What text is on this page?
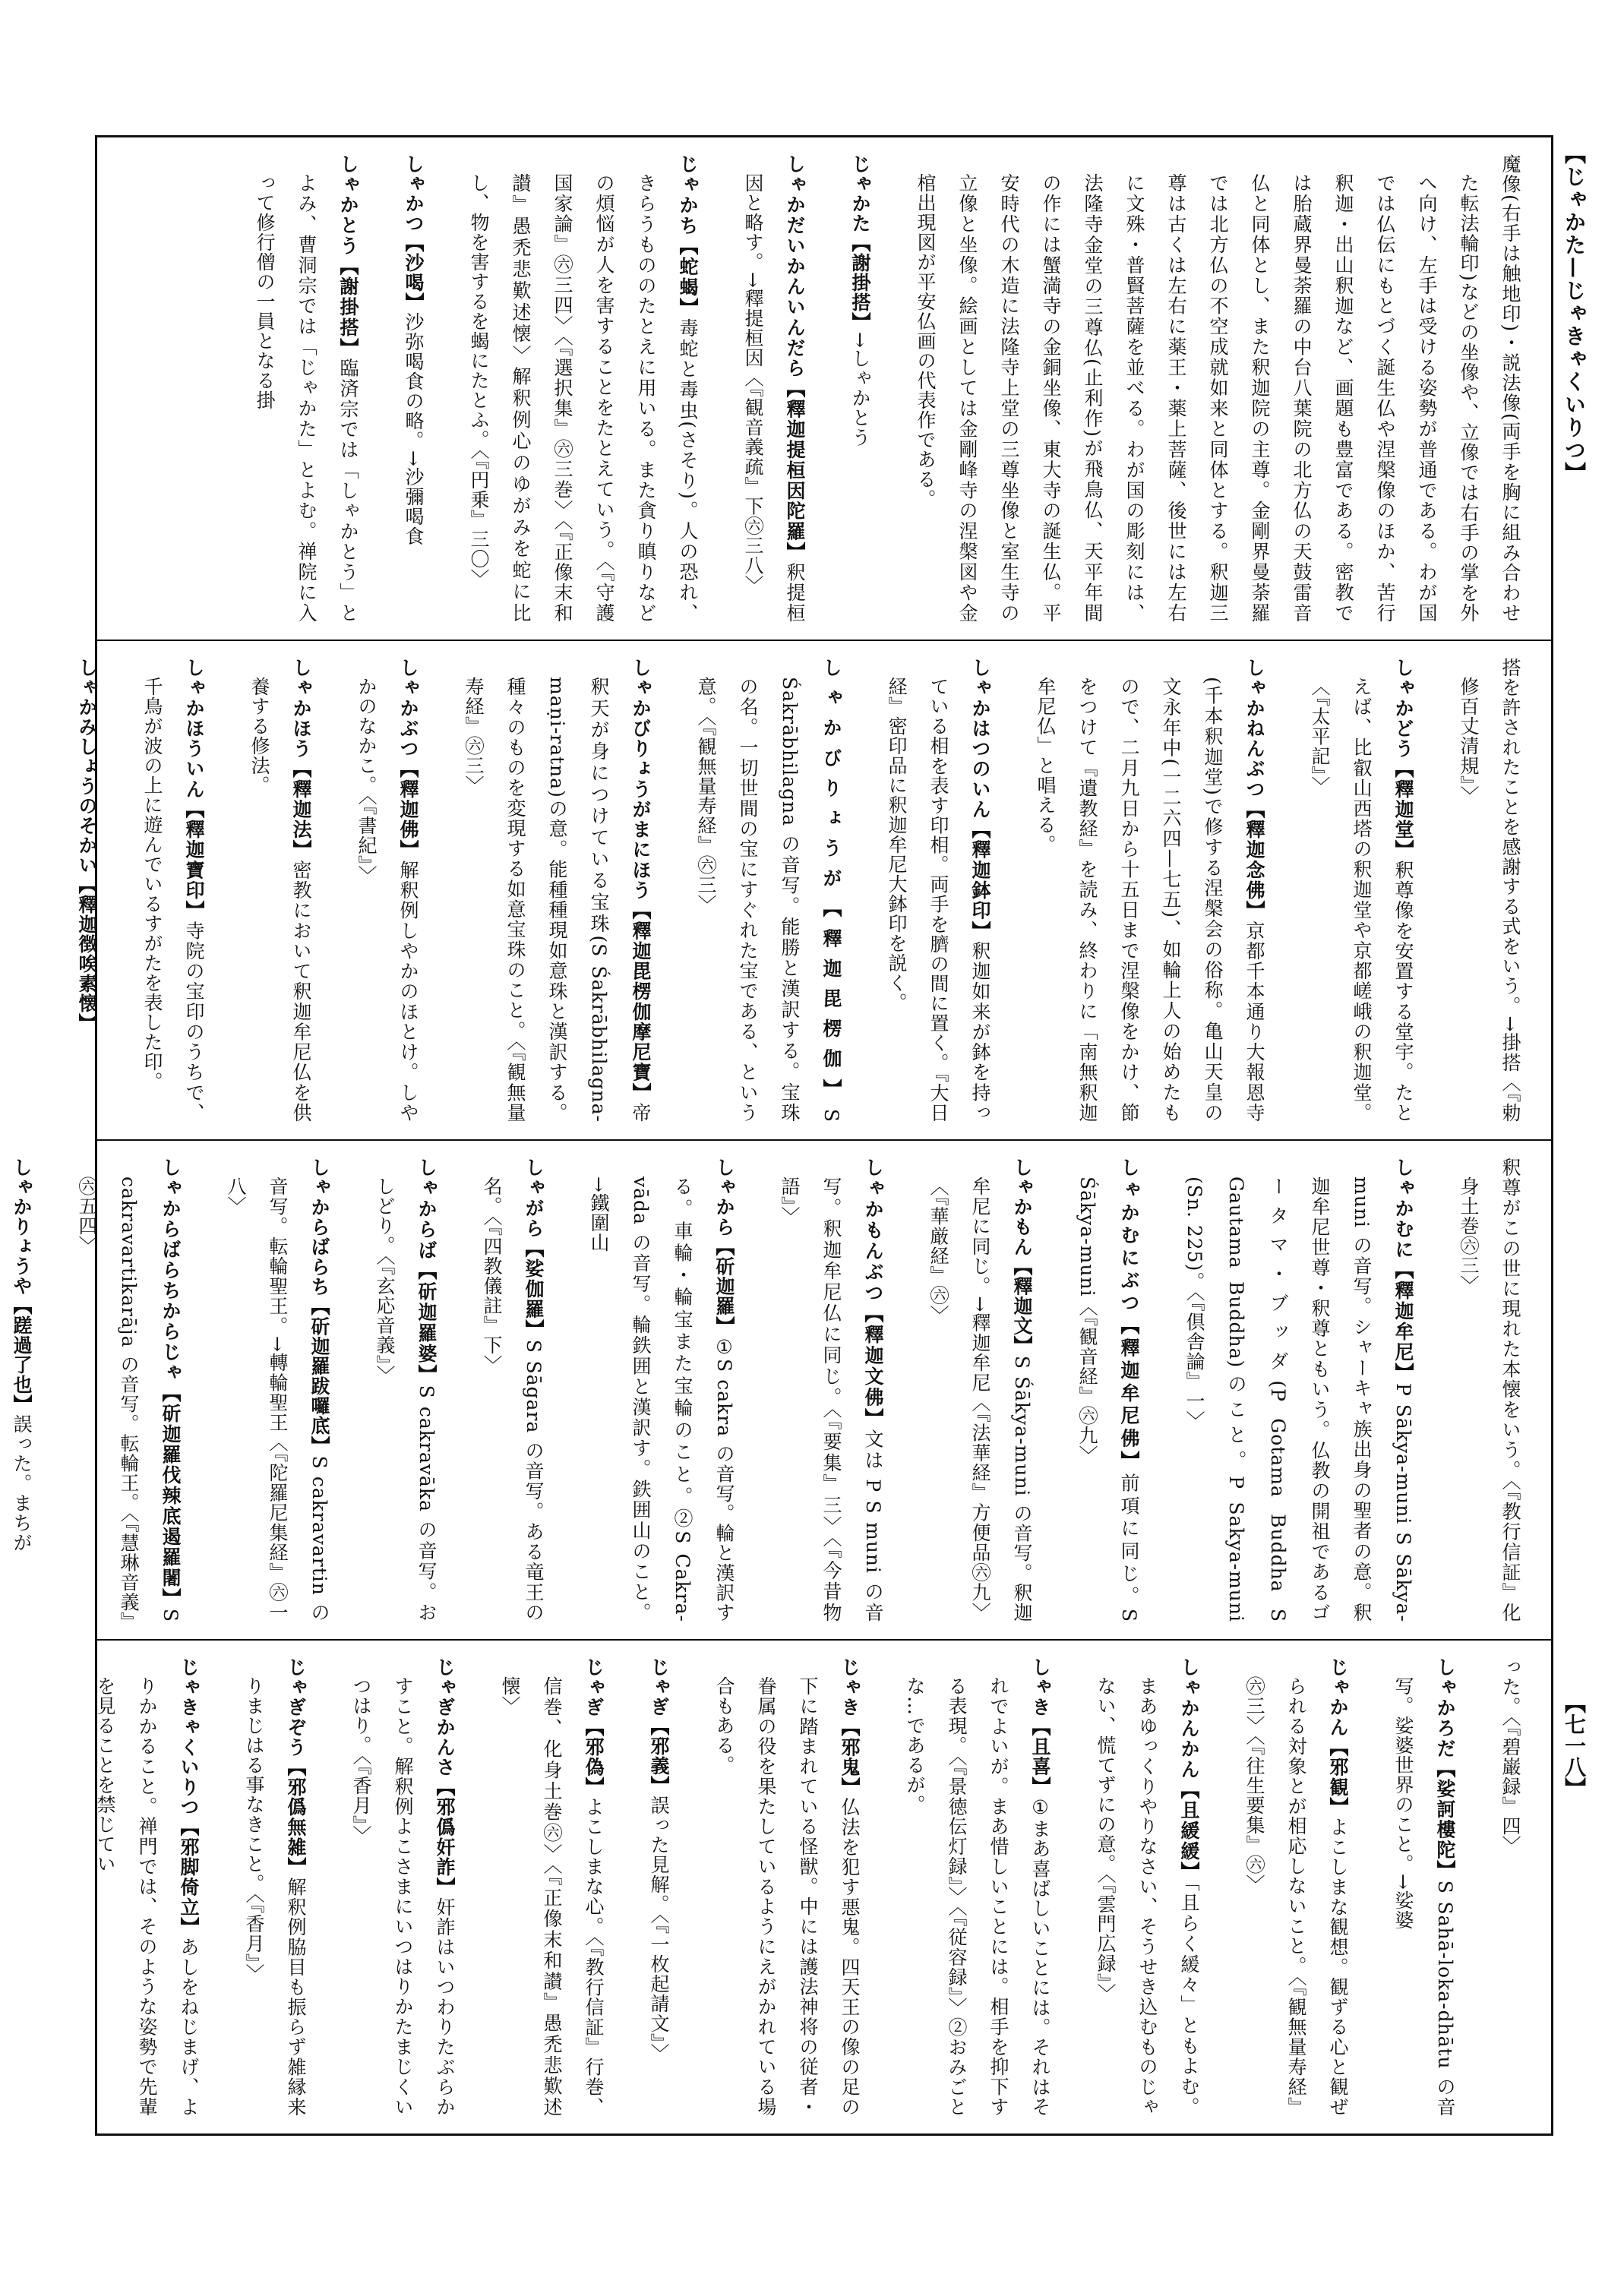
【じゃかた—じゃきゃくいりつ】
【七一八】

魔像(右手は触地印)・説法像(両手を胸に組み合わせた転法輪印)などの坐像や、立像では右手の掌を外へ向け、左手は受ける姿勢が普通である。わが国では仏伝にもとづく誕生仏や涅槃像のほか、苦行釈迦・出山釈迦など、画題も豊富である。密教では胎蔵界曼荼羅の中台八葉院の北方仏の天鼓雷音仏と同体とし、また釈迦院の主尊。金剛界曼荼羅では北方仏の不空成就如来と同体とする。釈迦三尊は古くは左右に薬王・薬上菩薩、後世には左右に文殊・普賢菩薩を並べる。わが国の彫刻には、法隆寺金堂の三尊仏(止利作)が飛鳥仏、天平年間の作には蟹満寺の金銅坐像、東大寺の誕生仏。平安時代の木造に法隆寺上堂の三尊坐像と室生寺の立像と坐像。絵画としては金剛峰寺の涅槃図や金棺出現図が平安仏画の代表作である。

じゃかた【謝掛搭】→しゃかとう

しゃかだいかんいんだら【釋迦提桓因陀羅】釈提桓因と略す。→釋提桓因〈『観音義疏』下㊅三八〉

じゃかち【蛇蝎】毒蛇と毒虫(さそり)。人の恐れ、きらうもののたとえに用いる。また貪り瞋りなどの煩悩が人を害することをたとえていう。〈『守護国家論』㊅三四〉〈『選択集』㊅三巻〉〈『正像末和讃』愚禿悲歎述懐〉解釈例心のゆがみを蛇に比し、物を害するを蝎にたとふ。〈『円乗』三〇〉

しゃかつ【沙喝】沙弥喝食の略。→沙彌喝食

しゃかとう【謝掛搭】臨済宗では「しゃかとう」とよみ、曹洞宗では「じゃかた」とよむ。禅院に入って修行僧の一員となる掛

搭を許されたことを感謝する式をいう。→掛搭〈『勅修百丈清規』〉

しゃかどう【釋迦堂】釈尊像を安置する堂宇。たとえば、比叡山西塔の釈迦堂や京都嵯峨の釈迦堂。〈『太平記』〉

しゃかねんぶつ【釋迦念佛】京都千本通り大報恩寺(千本釈迦堂)で修する涅槃会の俗称。亀山天皇の文永年中(一二六四—七五)、如輪上人の始めたもので、二月九日から十五日まで涅槃像をかけ、節をつけて『遺教経』を読み、終わりに「南無釈迦牟尼仏」と唱える。

しゃかはつのいん【釋迦鉢印】釈迦如来が鉢を持っている相を表す印相。両手を臍の間に置く。『大日経』密印品に釈迦牟尼大鉢印を説く。

しゃかびりょうが【釋迦毘楞伽】S Śakrābhilagna の音写。能勝と漢訳する。宝珠の名。一切世間の宝にすぐれた宝である、という意。〈『観無量寿経』㊅三〉

しゃかびりょうがまにほう【釋迦毘楞伽摩尼寶】帝釈天が身につけている宝珠(S Śakrābhilagna-maṇi-ratna)の意。能種種現如意珠と漢訳する。種々のものを変現する如意宝珠のこと。〈『観無量寿経』㊅三〉

しゃかぶつ【釋迦佛】解釈例しやかのほとけ。しやかのなかこ。〈『書紀』〉

しゃかほう【釋迦法】密教において釈迦牟尼仏を供養する修法。

しゃかほういん【釋迦寶印】寺院の宝印のうちで、千鳥が波の上に遊んでいるすがたを表した印。

しゃかみしょうのそかい【釋迦徴唉素懐】

釈尊がこの世に現れた本懐をいう。〈『教行信証』化身土巻㊅三〉

しゃかむに【釋迦牟尼】P Sākya-muni S Sākya-muni の音写。シャーキャ族出身の聖者の意。釈迦牟尼世尊・釈尊ともいう。仏教の開祖であるゴータマ・ブッダ(P Gotama Buddha S Gautama Buddha)のこと。P Sakya-muni (Sn. 225)。〈『倶舎論』一〉

しゃかむにぶつ【釋迦牟尼佛】前項に同じ。S Śākya-muni〈『観音経』㊅九〉

しゃかもん【釋迦文】S Śākya-muni の音写。釈迦牟尼に同じ。→釋迦牟尼〈『法華経』方便品㊅九〉〈『華厳経』㊅〉

しゃかもんぶつ【釋迦文佛】文は P S muni の音写。釈迦牟尼仏に同じ。〈『要集』三〉〈『今昔物語』〉

しゃから【斫迦羅】①S cakra の音写。輪と漢訳する。車輪・輪宝また宝輪のこと。②S Cakra-vāda の音写。輪鉄囲と漢訳す。鉄囲山のこと。→鐵圍山

しゃがら【娑伽羅】S Sāgara の音写。ある竜王の名。〈『四教儀註』下〉

しゃからば【斫迦羅婆】S cakravāka の音写。おしどり。〈『玄応音義』〉

しゃからばらち【斫迦羅跋囉底】S cakravartin の音写。転輪聖王。→轉輪聖王〈『陀羅尼集経』㊅一八〉

しゃからばらちからじゃ【斫迦羅伐辣底遏羅闍】S cakravartikarāja の音写。転輪王。〈『慧琳音義』㊅五四〉

しゃかりょうや【蹉過了也】誤った。まちが

った。〈『碧巌録』四〉

しゃかろだ【娑訶樓陀】S Sahā-loka-dhātu の音写。娑婆世界のこと。→娑婆

じゃかん【邪観】よこしまな観想。観ずる心と観ぜられる対象とが相応しないこと。〈『観無量寿経』㊅三〉〈『往生要集』㊅〉

しゃかんかん【且緩緩】「且らく緩々」ともよむ。まあゆっくりやりなさい、そうせき込むものじゃない、慌てずにの意。〈『雲門広録』〉

しゃき【且喜】①まあ喜ばしいことには。それはそれでよいが。まあ惜しいことには。相手を抑下する表現。〈『景徳伝灯録』〉〈『従容録』〉②おみごとな…であるが。

じゃき【邪鬼】仏法を犯す悪鬼。四天王の像の足の下に踏まれている怪獣。中には護法神将の従者・眷属の役を果たしているようにえがかれている場合もある。

じゃぎ【邪義】誤った見解。〈『一枚起請文』〉

じゃぎ【邪偽】よこしまな心。〈『教行信証』行巻、信巻、化身土巻㊅〉〈『正像末和讃』愚禿悲歎述懐〉

じゃぎかんさ【邪僞奸詐】奸詐はいつわりたぶらかすこと。解釈例よこさまにいつはりかたまじくいつはり。〈『香月』〉

じゃぎぞう【邪僞無雑】解釈例脇目も振らず雑縁来りまじはる事なきこと。〈『香月』〉

じゃきゃくいりつ【邪脚倚立】あしをねじまげ、よりかかること。禅門では、そのような姿勢で先輩を見ることを禁じてい
